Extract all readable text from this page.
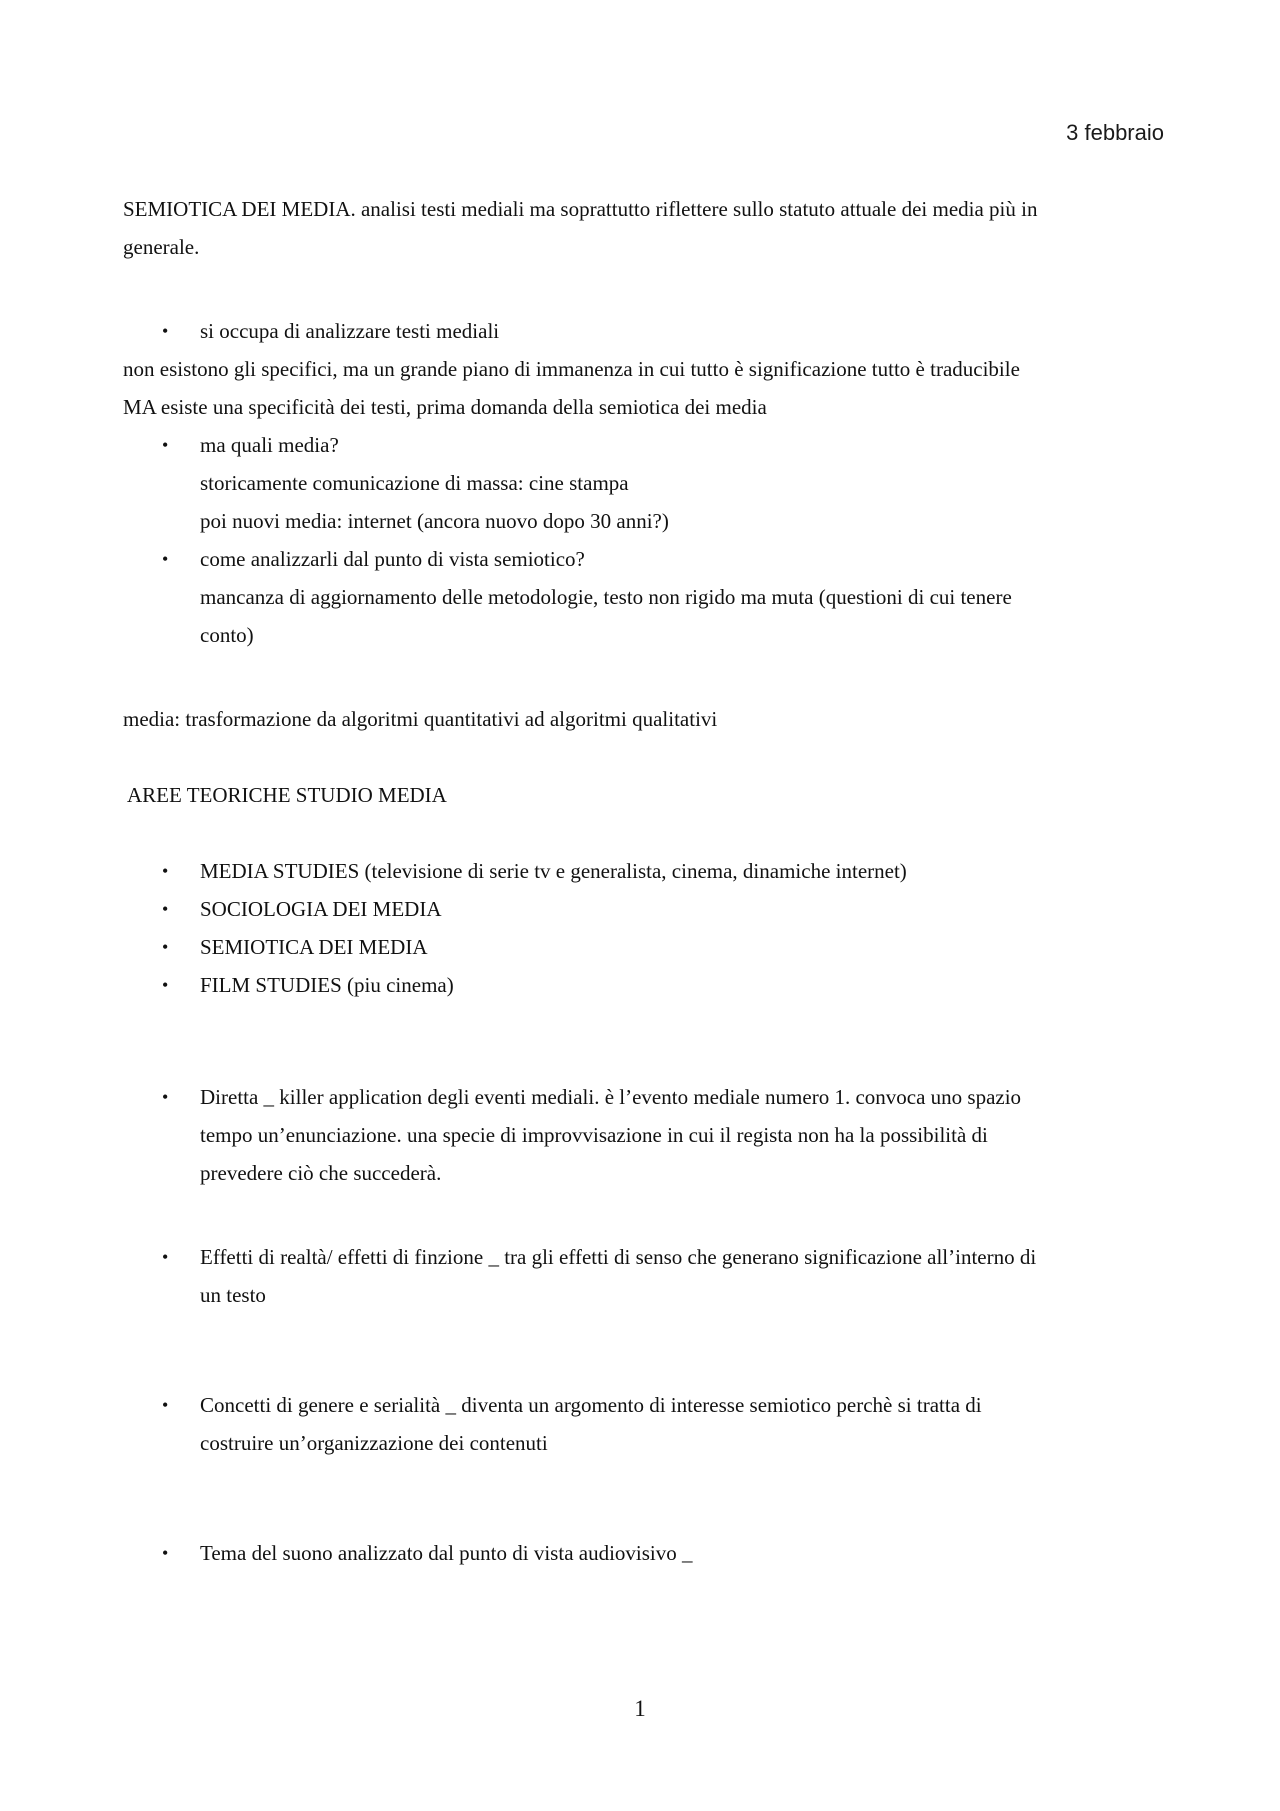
3 febbraio

SEMIOTICA DEI MEDIA. analisi testi mediali ma soprattutto riflettere sullo statuto attuale dei media più in

generale.

• si occupa di analizzare testi mediali

non esistono gli specifici, ma un grande piano di immanenza in cui tutto è significazione tutto è traducibile

MA esiste una specificità dei testi, prima domanda della semiotica dei media

• ma quali media?

storicamente comunicazione di massa: cine stampa

poi nuovi media: internet (ancora nuovo dopo 30 anni?)

• come analizzarli dal punto di vista semiotico?

mancanza di aggiornamento delle metodologie, testo non rigido ma muta (questioni di cui tenere

conto)

media: trasformazione da algoritmi quantitativi ad algoritmi qualitativi

AREE TEORICHE STUDIO MEDIA

• MEDIA STUDIES (televisione di serie tv e generalista, cinema, dinamiche internet)

• SOCIOLOGIA DEI MEDIA

• SEMIOTICA DEI MEDIA

• FILM STUDIES (piu cinema)

• Diretta _ killer application degli eventi mediali. è l’evento mediale numero 1. convoca uno spazio

tempo un’enunciazione. una specie di improvvisazione in cui il regista non ha la possibilità di

prevedere ciò che succederà.

• Effetti di realtà/ effetti di finzione _ tra gli effetti di senso che generano significazione all’interno di

un testo

• Concetti di genere e serialità _ diventa un argomento di interesse semiotico perchè si tratta di

costruire un’organizzazione dei contenuti

• Tema del suono analizzato dal punto di vista audiovisivo _

1
